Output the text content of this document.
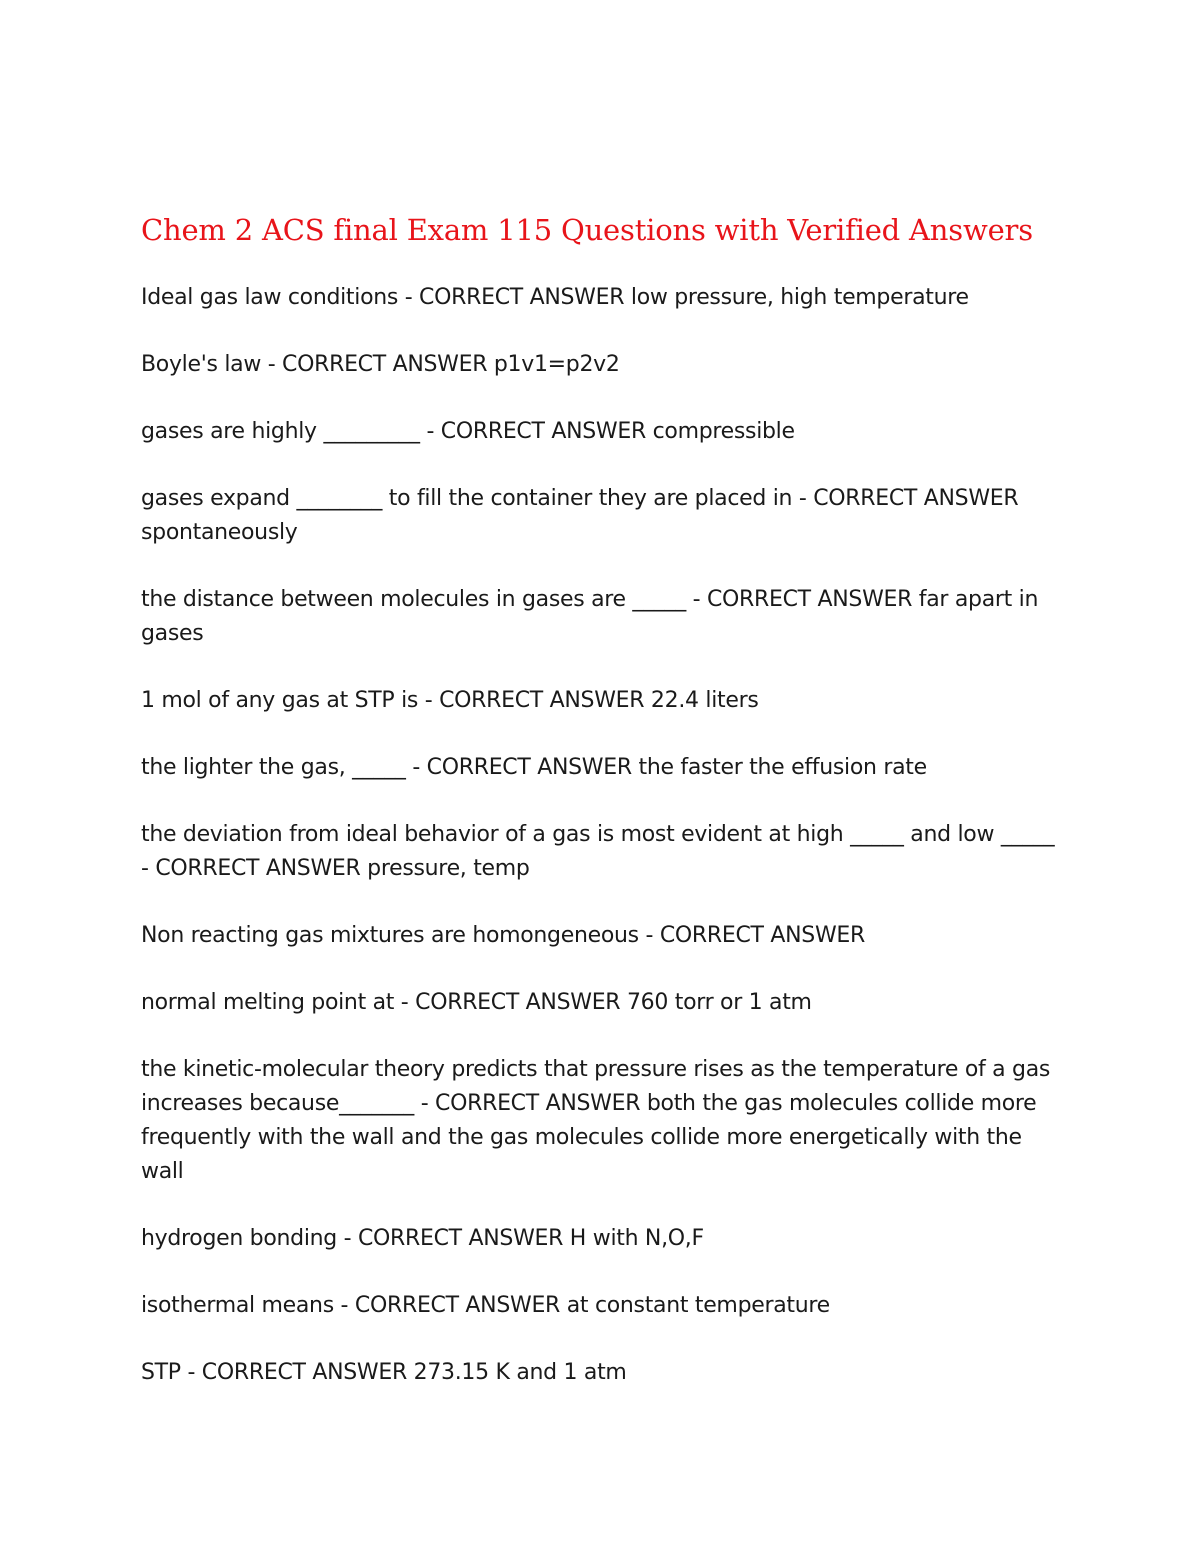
Chem 2 ACS final Exam 115 Questions with Verified Answers

Ideal gas law conditions - CORRECT ANSWER low pressure, high temperature

Boyle's law - CORRECT ANSWER p1v1=p2v2

gases are highly _________ - CORRECT ANSWER compressible

gases expand ________ to fill the container they are placed in - CORRECT ANSWER spontaneously

the distance between molecules in gases are _____ - CORRECT ANSWER far apart in gases

1 mol of any gas at STP is - CORRECT ANSWER 22.4 liters

the lighter the gas, _____ - CORRECT ANSWER the faster the effusion rate

the deviation from ideal behavior of a gas is most evident at high _____ and low _____ - CORRECT ANSWER pressure, temp

Non reacting gas mixtures are homongeneous - CORRECT ANSWER

normal melting point at - CORRECT ANSWER 760 torr or 1 atm

the kinetic-molecular theory predicts that pressure rises as the temperature of a gas increases because_______ - CORRECT ANSWER both the gas molecules collide more frequently with the wall and the gas molecules collide more energetically with the wall

hydrogen bonding - CORRECT ANSWER H with N,O,F

isothermal means - CORRECT ANSWER at constant temperature

STP - CORRECT ANSWER 273.15 K and 1 atm
